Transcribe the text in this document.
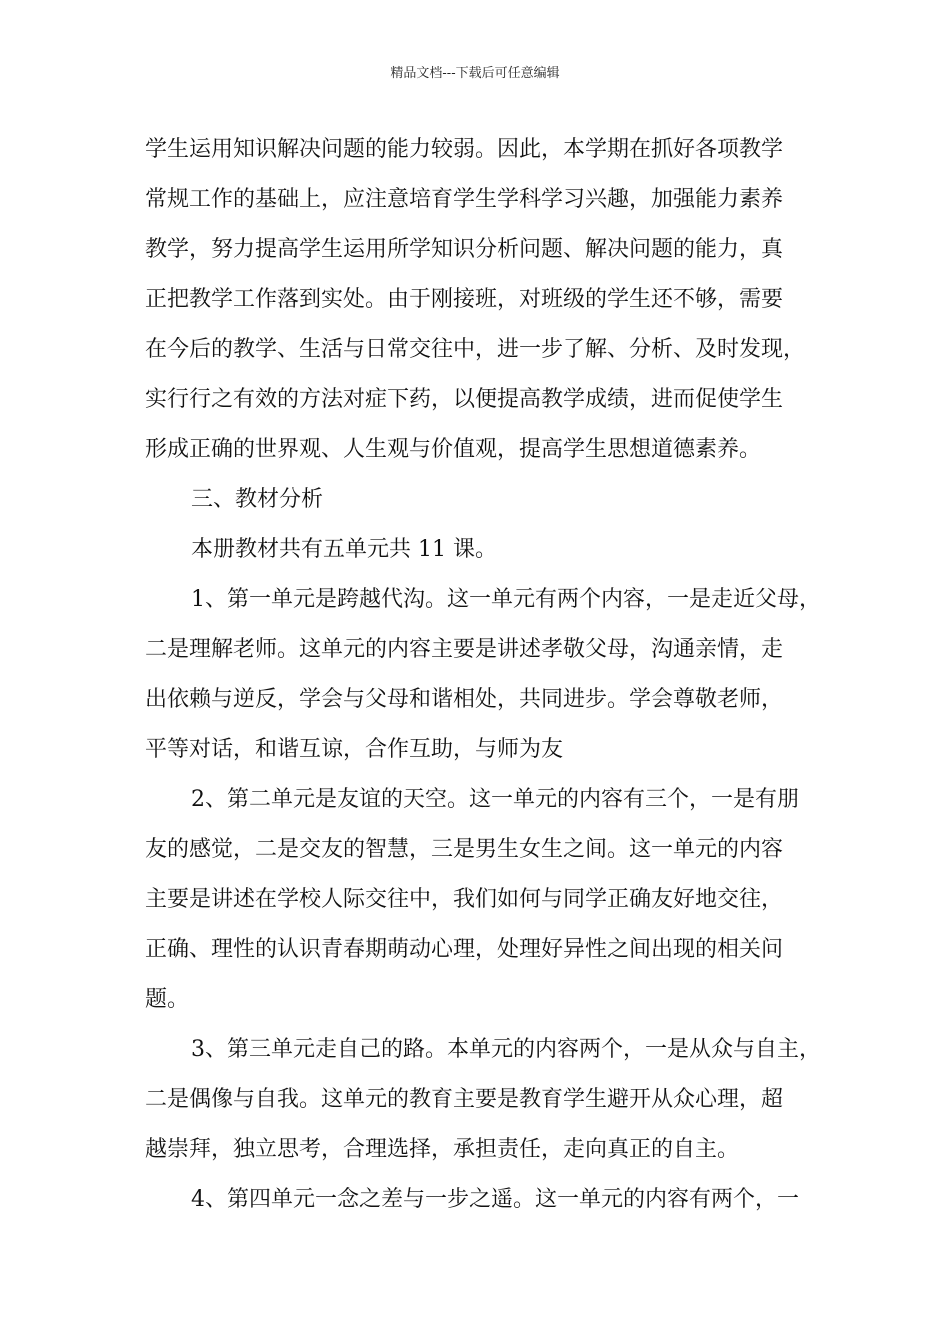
精品文档---下载后可任意编辑
学生运用知识解决问题的能力较弱。因此，本学期在抓好各项教学
常规工作的基础上，应注意培育学生学科学习兴趣，加强能力素养
教学，努力提高学生运用所学知识分析问题、解决问题的能力，真
正把教学工作落到实处。由于刚接班，对班级的学生还不够，需要
在今后的教学、生活与日常交往中，进一步了解、分析、及时发现，
实行行之有效的方法对症下药，以便提高教学成绩，进而促使学生
形成正确的世界观、人生观与价值观，提高学生思想道德素养。
三、教材分析
本册教材共有五单元共 11 课。
1、第一单元是跨越代沟。这一单元有两个内容，一是走近父母，
二是理解老师。这单元的内容主要是讲述孝敬父母，沟通亲情，走
出依赖与逆反，学会与父母和谐相处，共同进步。学会尊敬老师，
平等对话，和谐互谅，合作互助，与师为友
2、第二单元是友谊的天空。这一单元的内容有三个，一是有朋
友的感觉，二是交友的智慧，三是男生女生之间。这一单元的内容
主要是讲述在学校人际交往中，我们如何与同学正确友好地交往，
正确、理性的认识青春期萌动心理，处理好异性之间出现的相关问
题。
3、第三单元走自己的路。本单元的内容两个，一是从众与自主，
二是偶像与自我。这单元的教育主要是教育学生避开从众心理，超
越崇拜，独立思考，合理选择，承担责任，走向真正的自主。
4、第四单元一念之差与一步之遥。这一单元的内容有两个，一
